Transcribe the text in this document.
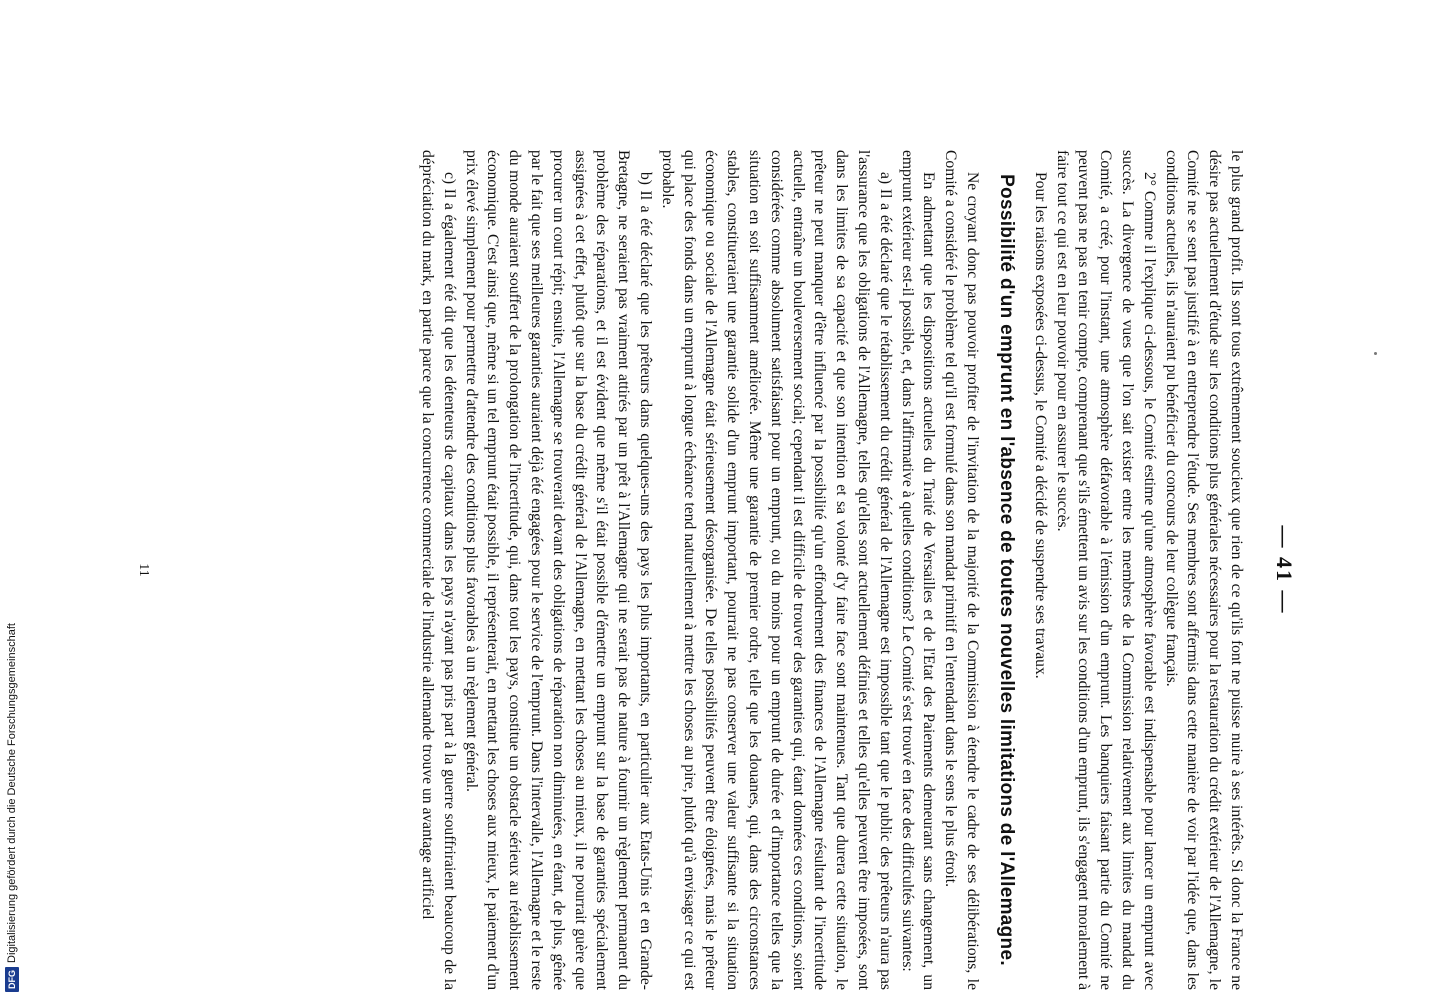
— 41 —

le plus grand profit. Ils sont tous extrêmement soucieux que rien de ce qu'ils font ne puisse nuire à ses intérêts. Si donc la France ne désire pas actuellement d'étude sur les conditions plus générales nécessaires pour la restauration du crédit extérieur de l'Allemagne, le Comité ne se sent pas justifié à en entreprendre l'étude. Ses membres sont affermis dans cette manière de voir par l'idée que, dans les conditions actuelles, ils n'auraient pu bénéficier du concours de leur collègue français.

2° Comme il l'explique ci-dessous, le Comité estime qu'une atmosphère favorable est indispensable pour lancer un emprunt avec succès. La divergence de vues que l'on sait exister entre les membres de la Commission relativement aux limites du mandat du Comité, a créé, pour l'instant, une atmosphère défavorable à l'émission d'un emprunt. Les banquiers faisant partie du Comité ne peuvent pas ne pas en tenir compte, comprenant que s'ils émettent un avis sur les conditions d'un emprunt, ils s'engagent moralement à faire tout ce qui est en leur pouvoir pour en assurer le succès.

Pour les raisons exposées ci-dessus, le Comité a décidé de suspendre ses travaux.

Possibilité d'un emprunt en l'absence de toutes nouvelles limitations de l'Allemagne.

Ne croyant donc pas pouvoir profiter de l'invitation de la majorité de la Commission à étendre le cadre de ses délibérations, le Comité a considéré le problème tel qu'il est formulé dans son mandat primitif en l'entendant dans le sens le plus étroit.

En admettant que les dispositions actuelles du Traité de Versailles et de l'Etat des Paiements demeurant sans changement, un emprunt extérieur est-il possible, et, dans l'affirmative à quelles conditions? Le Comité s'est trouvé en face des difficultés suivantes:

a) Il a été déclaré que le rétablissement du crédit général de l'Allemagne est impossible tant que le public des prêteurs n'aura pas l'assurance que les obligations de l'Allemagne, telles qu'elles sont actuellement définies et telles qu'elles peuvent être imposées, sont dans les limites de sa capacité et que son intention et sa volonté d'y faire face sont maintenues. Tant que durera cette situation, le prêteur ne peut manquer d'être influencé par la possibilité qu'un effondrement des finances de l'Allemagne résultant de l'incertitude actuelle, entraîne un bouleversement social; cependant il est difficile de trouver des garanties qui, étant données ces conditions, soient considérées comme absolument satisfaisant pour un emprunt, ou du moins pour un emprunt de durée et d'importance telles que la situation en soit suffisamment améliorée. Même une garantie de premier ordre, telle que les douanes, qui, dans des circonstances stables, constitueraient une garantie solide d'un emprunt important, pourrait ne pas conserver une valeur suffisante si la situation économique ou sociale de l'Allemagne était sérieusement désorganisée. De telles possibilités peuvent être éloignées, mais le prêteur qui place des fonds dans un emprunt à longue échéance tend naturellement à mettre les choses au pire, plutôt qu'à envisager ce qui est probable.

b) Il a été déclaré que les prêteurs dans quelques-uns des pays les plus importants, en particulier aux Etats-Unis et en Grande-Bretagne, ne seraient pas vraiment attirés par un prêt à l'Allemagne qui ne serait pas de nature à fournir un règlement permanent du problème des réparations, et il est évident que même s'il était possible d'émettre un emprunt sur la base de garanties spécialement assignées à cet effet, plutôt que sur la base du crédit général de l'Allemagne, en mettant les choses au mieux, il ne pourrait guère que procurer un court répit; ensuite, l'Allemagne se trouverait devant des obligations de réparation non diminuées, en étant, de plus, gênée par le fait que ses meilleures garanties auraient déjà été engagées pour le service de l'emprunt. Dans l'intervalle, l'Allemagne et le reste du monde auraient souffert de la prolongation de l'incertitude, qui, dans tout les pays, constitue un obstacle sérieux au rétablissement économique. C'est ainsi que, même si un tel emprunt était possible, il représenterait, en mettant les choses aux mieux, le paiement d'un prix élevé simplement pour permettre d'attendre des conditions plus favorables à un règlement général.

c) Il a également été dit que les détenteurs de capitaux dans les pays n'ayant pas pris part à la guerre souffriraient beaucoup de la dépréciation du mark, en partie parce que la concurrence commerciale de l'industrie allemande trouve un avantage artificiel

11
DFG
Digitalisierung gefördert durch die Deutsche Forschungsgemeinschaft
